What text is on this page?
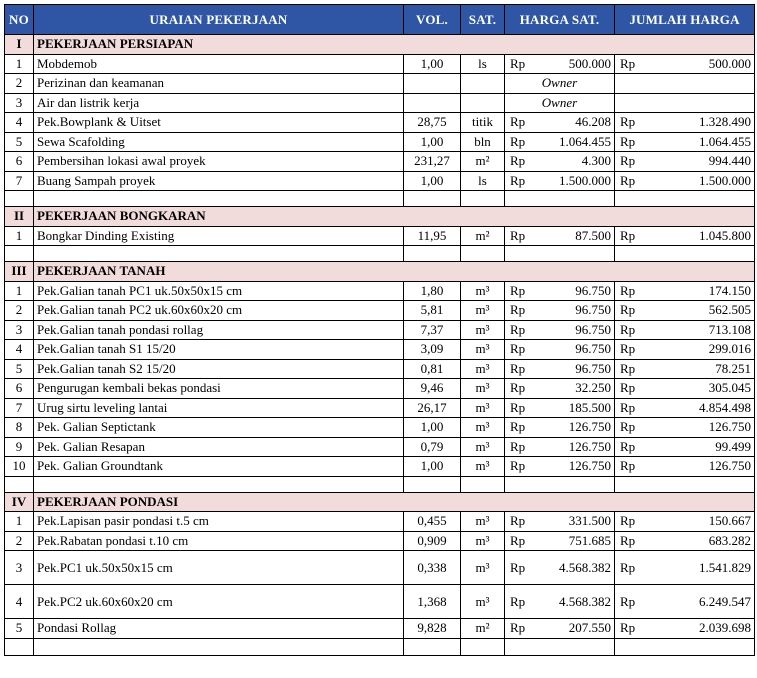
NO	URAIAN PEKERJAAN	VOL.	SAT.	HARGA SAT.	JUMLAH HARGA
I	PEKERJAAN PERSIAPAN				
1	Mobdemob	1,00	ls	Rp 500.000	Rp 500.000

2	Perizinan dan keamanan			Owner	
3	Air dan listrik kerja			Owner	
4	Pek.Bowplank & Uitset	28,75	titik	Rp 46.208	Rp 1.328.490

5	Sewa Scafolding	1,00	bln	Rp 1.064.455	Rp 1.064.455

6	Pembersihan lokasi awal proyek	231,27	m²	Rp 4.300	Rp 994.440

7	Buang Sampah proyek	1,00	ls	Rp 1.500.000	Rp 1.500.000

II	PEKERJAAN BONGKARAN				
1	Bongkar Dinding Existing	11,95	m²	Rp 87.500	Rp 1.045.800

III	PEKERJAAN TANAH				
1	Pek.Galian tanah PC1 uk.50x50x15 cm	1,80	m³	Rp 96.750	Rp 174.150

2	Pek.Galian tanah PC2 uk.60x60x20 cm	5,81	m³	Rp 96.750	Rp 562.505

3	Pek.Galian tanah pondasi rollag	7,37	m³	Rp 96.750	Rp 713.108

4	Pek.Galian tanah S1 15/20	3,09	m³	Rp 96.750	Rp 299.016

5	Pek.Galian tanah S2 15/20	0,81	m³	Rp 96.750	Rp 78.251

6	Pengurugan kembali bekas pondasi	9,46	m³	Rp 32.250	Rp 305.045

7	Urug sirtu leveling lantai	26,17	m³	Rp 185.500	Rp 4.854.498

8	Pek. Galian Septictank	1,00	m³	Rp 126.750	Rp 126.750

9	Pek. Galian Resapan	0,79	m³	Rp 126.750	Rp 99.499

10	Pek. Galian Groundtank	1,00	m³	Rp 126.750	Rp 126.750

IV	PEKERJAAN PONDASI				
1	Pek.Lapisan pasir pondasi t.5 cm	0,455	m³	Rp 331.500	Rp 150.667

2	Pek.Rabatan pondasi t.10 cm	0,909	m³	Rp 751.685	Rp 683.282

3	Pek.PC1 uk.50x50x15 cm	0,338	m³	Rp 4.568.382	Rp 1.541.829

4	Pek.PC2 uk.60x60x20 cm	1,368	m³	Rp 4.568.382	Rp 6.249.547

5	Pondasi Rollag	9,828	m²	Rp 207.550	Rp 2.039.698
